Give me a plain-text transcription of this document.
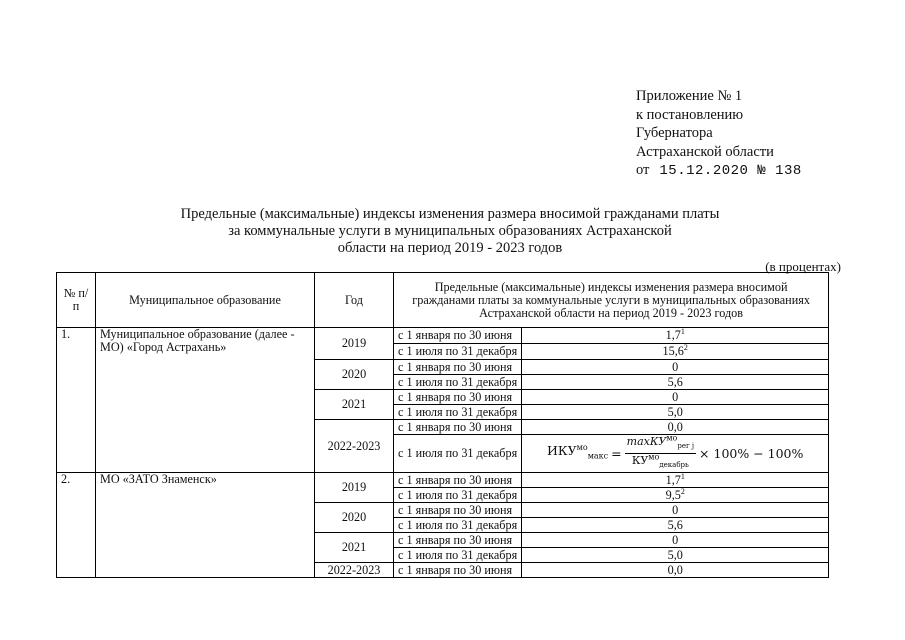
Приложение № 1
к постановлению
Губернатора
Астраханской области
от 15.12.2020 № 138
Предельные (максимальные) индексы изменения размера вносимой гражданами платы
за коммунальные услуги в муниципальных образованиях Астраханской
области на период 2019 - 2023 годов
(в процентах)
№ п/п	Муниципальное образование	Год	Предельные (максимальные) индексы изменения размера вносимой гражданами платы за коммунальные услуги в муниципальных образованиях Астраханской области на период 2019 - 2023 годов	
1.	Муниципальное образование (далее - МО) «Город Астрахань»	2019	с 1 января по 30 июня	$1,7^1$
			с 1 июля по 31 декабря	15,6$^2$
		2020	с 1 января по 30 июня	0
			с 1 июля по 31 декабря	5,6
		2021	с 1 января по 30 июня	0
			с 1 июля по 31 декабря	5,0
		2022-2023	с 1 января по 30 июня	0,0
			с 1 июля по 31 декабря	$ИКУ^{мо}_{макс} = \frac{\max КУ^{мо}_{рег j}}{КУ^{мо}_{декабрь}} \times 100\% - 100\%$

2.	МО «ЗАТО Знаменск»	2019	с 1 января по 30 июня	$1,7^1$
			с 1 июля по 31 декабря	$9,5^2$
		2020	с 1 января по 30 июня	0
			с 1 июля по 31 декабря	5,6
		2021	с 1 января по 30 июня	0
			с 1 июля по 31 декабря	5,0
		2022-2023	с 1 января по 30 июня	0,0
